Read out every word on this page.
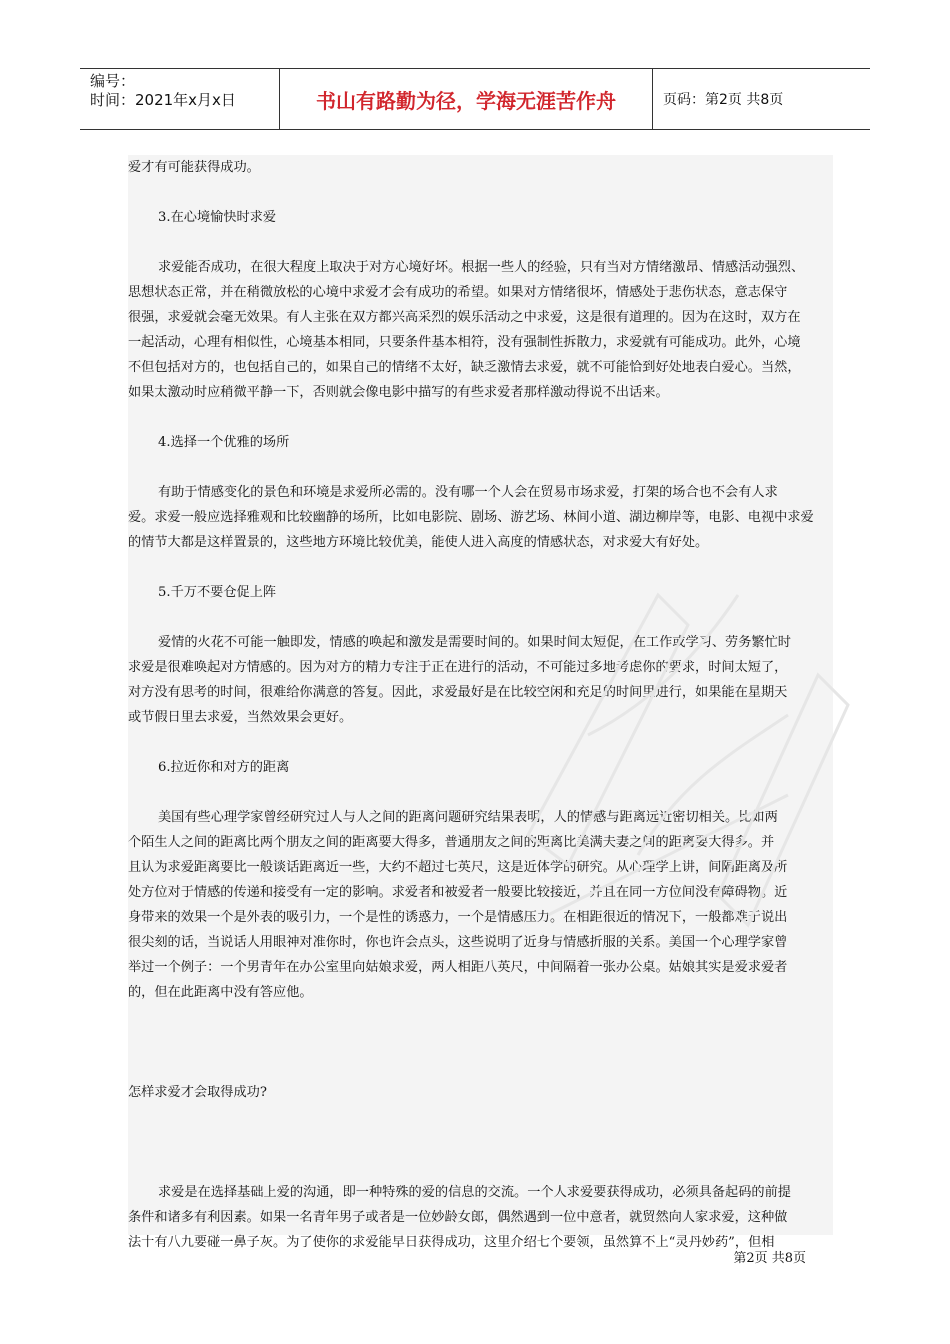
编号：
时间：2021年x月x日	书山有路勤为径，学海无涯苦作舟	页码：第2页 共8页

爱才有可能获得成功。

3.在心境愉快时求爱

求爱能否成功，在很大程度上取决于对方心境好坏。根据一些人的经验，只有当对方情绪激昂、情感活动强烈、

思想状态正常，并在稍微放松的心境中求爱才会有成功的希望。如果对方情绪很坏，情感处于悲伤状态，意志保守

很强，求爱就会毫无效果。有人主张在双方都兴高采烈的娱乐活动之中求爱，这是很有道理的。因为在这时，双方在

一起活动，心理有相似性，心境基本相同，只要条件基本相符，没有强制性拆散力，求爱就有可能成功。此外，心境

不但包括对方的，也包括自己的，如果自己的情绪不太好，缺乏激情去求爱，就不可能恰到好处地表白爱心。当然，

如果太激动时应稍微平静一下，否则就会像电影中描写的有些求爱者那样激动得说不出话来。

4.选择一个优雅的场所

有助于情感变化的景色和环境是求爱所必需的。没有哪一个人会在贸易市场求爱，打架的场合也不会有人求

爱。求爱一般应选择雅观和比较幽静的场所，比如电影院、剧场、游艺场、林间小道、湖边柳岸等，电影、电视中求爱

的情节大都是这样置景的，这些地方环境比较优美，能使人进入高度的情感状态，对求爱大有好处。

5.千万不要仓促上阵

爱情的火花不可能一触即发，情感的唤起和激发是需要时间的。如果时间太短促，在工作或学习、劳务繁忙时

求爱是很难唤起对方情感的。因为对方的精力专注于正在进行的活动，不可能过多地考虑你的要求，时间太短了，

对方没有思考的时间，很难给你满意的答复。因此，求爱最好是在比较空闲和充足的时间里进行，如果能在星期天

或节假日里去求爱，当然效果会更好。

6.拉近你和对方的距离

美国有些心理学家曾经研究过人与人之间的距离问题研究结果表明，人的情感与距离远近密切相关。比如两

个陌生人之间的距离比两个朋友之间的距离要大得多，普通朋友之间的距离比美满夫妻之间的距离要大得多。并

且认为求爱距离要比一般谈话距离近一些，大约不超过七英尺，这是近体学的研究。从心理学上讲，间隔距离及所

处方位对于情感的传递和接受有一定的影响。求爱者和被爱者一般要比较接近，并且在同一方位间没有障碍物。近

身带来的效果一个是外表的吸引力，一个是性的诱惑力，一个是情感压力。在相距很近的情况下，一般都难于说出

很尖刻的话，当说话人用眼神对准你时，你也许会点头，这些说明了近身与情感折服的关系。美国一个心理学家曾

举过一个例子：一个男青年在办公室里向姑娘求爱，两人相距八英尺，中间隔着一张办公桌。姑娘其实是爱求爱者

的，但在此距离中没有答应他。

怎样求爱才会取得成功?

求爱是在选择基础上爱的沟通，即一种特殊的爱的信息的交流。一个人求爱要获得成功，必须具备起码的前提

条件和诸多有利因素。如果一名青年男子或者是一位妙龄女郎，偶然遇到一位中意者，就贸然向人家求爱，这种做

法十有八九要碰一鼻子灰。为了使你的求爱能早日获得成功，这里介绍七个要领，虽然算不上“灵丹妙药”，但相

第2页 共8页
